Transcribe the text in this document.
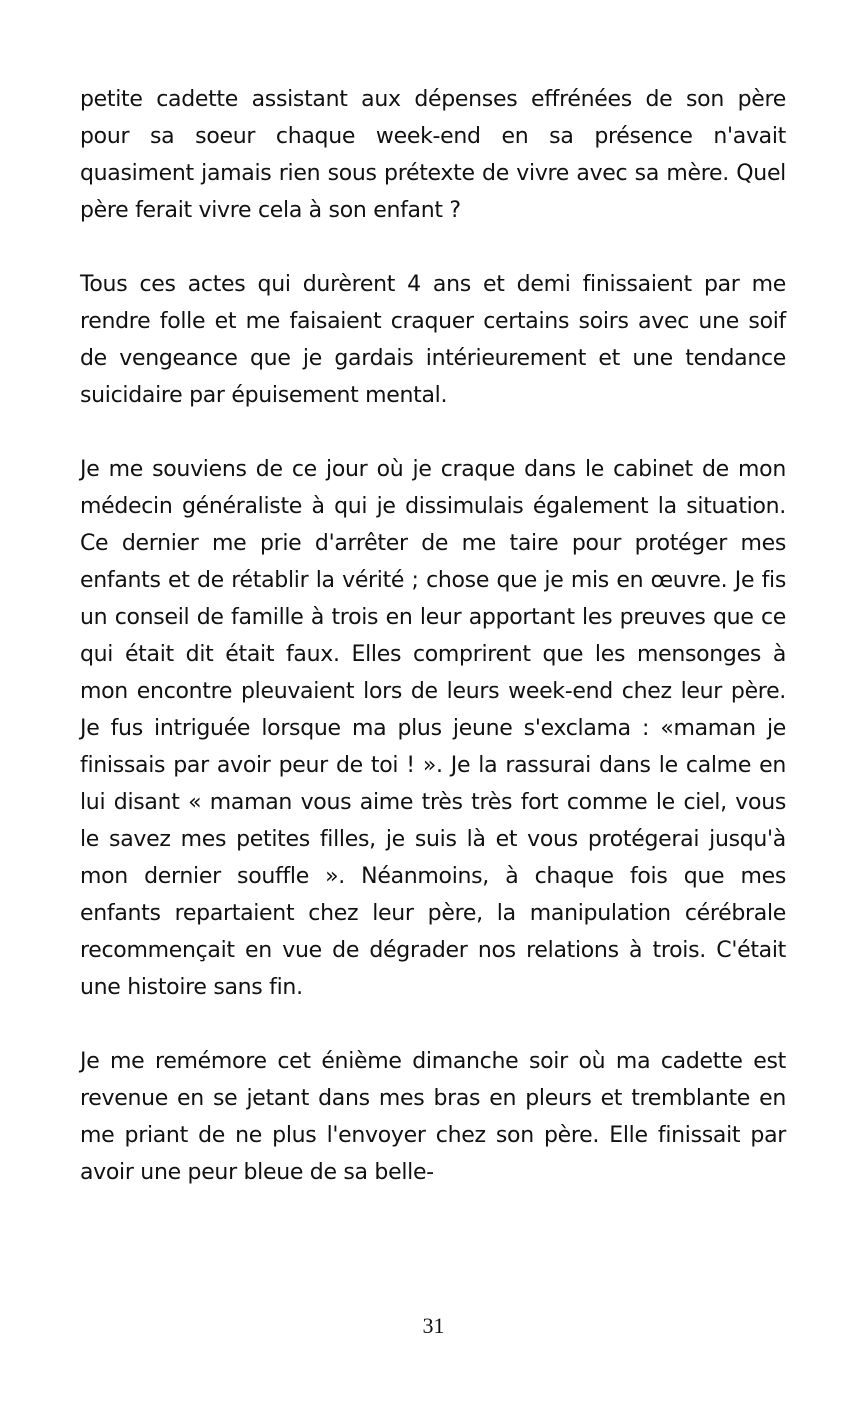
petite cadette assistant aux dépenses effrénées de son père pour sa soeur chaque week-end en sa présence n'avait quasiment jamais rien sous prétexte de vivre avec sa mère. Quel père ferait vivre cela à son enfant ?

Tous ces actes qui durèrent 4 ans et demi finissaient par me rendre folle et me faisaient craquer certains soirs avec une soif de vengeance que je gardais intérieurement et une tendance suicidaire par épuisement mental.

Je me souviens de ce jour où je craque dans le cabinet de mon médecin généraliste à qui je dissimulais également la situation. Ce dernier me prie d'arrêter de me taire pour protéger mes enfants et de rétablir la vérité ; chose que je mis en œuvre. Je fis un conseil de famille à trois en leur apportant les preuves que ce qui était dit était faux. Elles comprirent que les mensonges à mon encontre pleuvaient lors de leurs week-end chez leur père. Je fus intriguée lorsque ma plus jeune s'exclama : «maman je finissais par avoir peur de toi ! ». Je la rassurai dans le calme en lui disant « maman vous aime très très fort comme le ciel, vous le savez mes petites filles, je suis là et vous protégerai jusqu'à mon dernier souffle ». Néanmoins, à chaque fois que mes enfants repartaient chez leur père, la manipulation cérébrale recommençait en vue de dégrader nos relations à trois. C'était une histoire sans fin.

Je me remémore cet énième dimanche soir où ma cadette est revenue en se jetant dans mes bras en pleurs et tremblante en me priant de ne plus l'envoyer chez son père. Elle finissait par avoir une peur bleue de sa belle-

31
